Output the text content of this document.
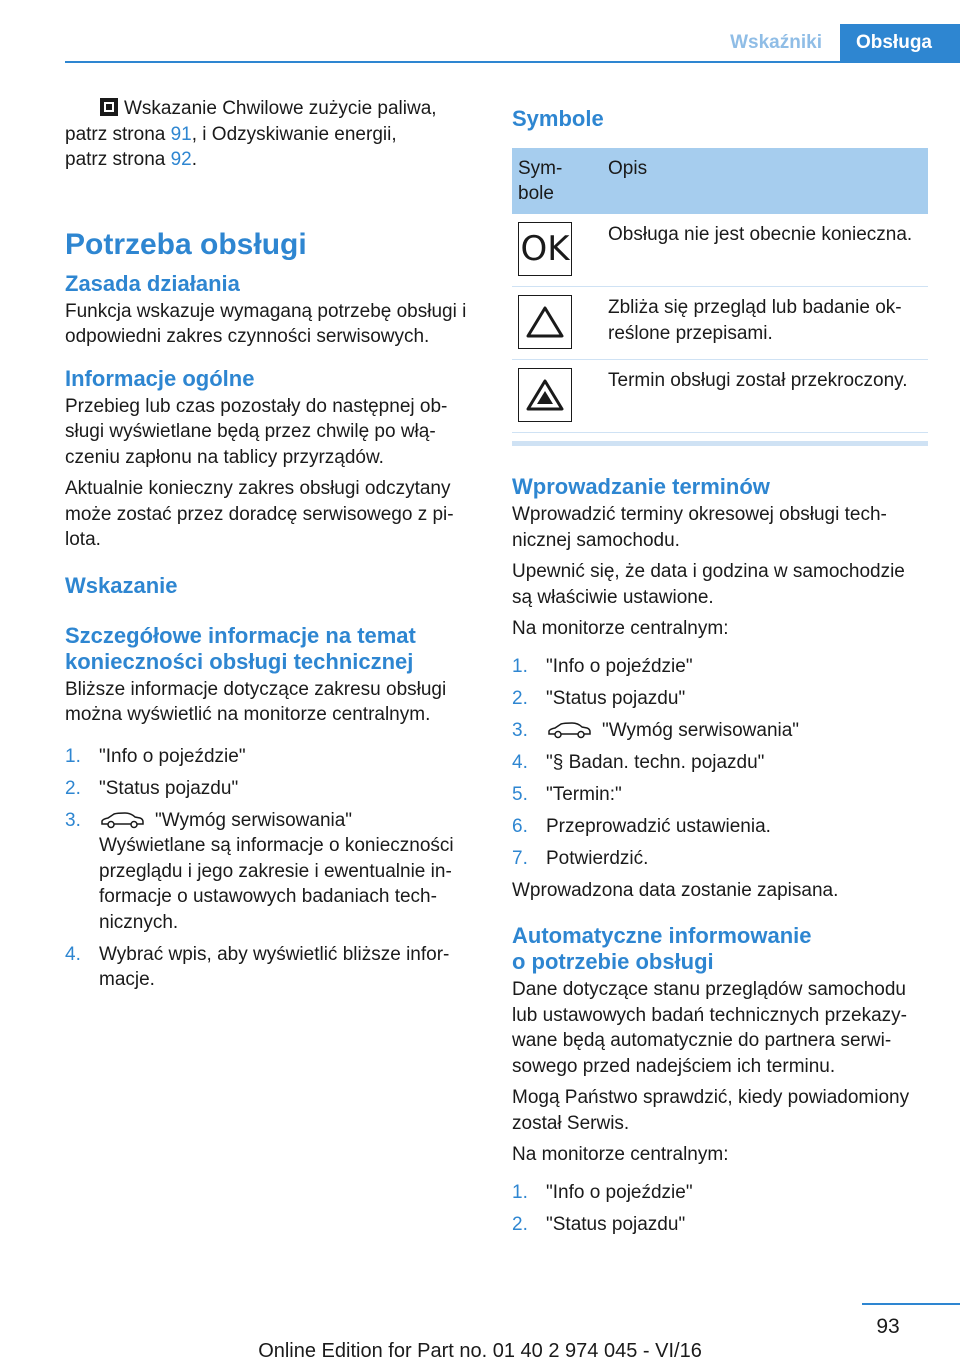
Wskaźniki	Obsługa

Wskazanie Chwilowe zużycie paliwa,
patrz strona 91, i Odzyskiwanie energii,
patrz strona 92.

Potrzeba obsługi
Zasada działania

Funkcja wskazuje wymaganą potrzebę obsługi i odpowiedni zakres czynności serwisowych.

Informacje ogólne

Przebieg lub czas pozostały do następnej obsługi wyświetlane będą przez chwilę po włączeniu zapłonu na tablicy przyrządów.

Aktualnie konieczny zakres obsługi odczytany może zostać przez doradcę serwisowego z pilota.

Wskazanie
Szczegółowe informacje na temat
konieczności obsługi technicznej

Bliższe informacje dotyczące zakresu obsługi można wyświetlić na monitorze centralnym.

1. "Info o pojeździe"
2. "Status pojazdu"
3.	"Wymóg serwisowania"
Wyświetlane są informacje o konieczności przeglądu i jego zakresie i ewentualnie informacje o ustawowych badaniach technicznych.
4. Wybrać wpis, aby wyświetlić bliższe informacje.
Symbole
Sym-
bole	Opis

OK	Obsługa nie jest obecnie konieczna.

	Zbliża się przegląd lub badanie określone przepisami.

	Termin obsługi został przekroczony.
Wprowadzanie terminów

Wprowadzić terminy okresowej obsługi technicznej samochodu.

Upewnić się, że data i godzina w samochodzie są właściwie ustawione.

Na monitorze centralnym:

1. "Info o pojeździe"
2. "Status pojazdu"
3.	"Wymóg serwisowania"
4. "§ Badan. techn. pojazdu"
5. "Termin:"
6. Przeprowadzić ustawienia.
7. Potwierdzić.

Wprowadzona data zostanie zapisana.

Automatyczne informowanie
o potrzebie obsługi

Dane dotyczące stanu przeglądów samochodu lub ustawowych badań technicznych przekazywane będą automatycznie do partnera serwisowego przed nadejściem ich terminu.

Mogą Państwo sprawdzić, kiedy powiadomiony został Serwis.

Na monitorze centralnym:

1. "Info o pojeździe"
2. "Status pojazdu"
93
Online Edition for Part no. 01 40 2 974 045 - VI/16
